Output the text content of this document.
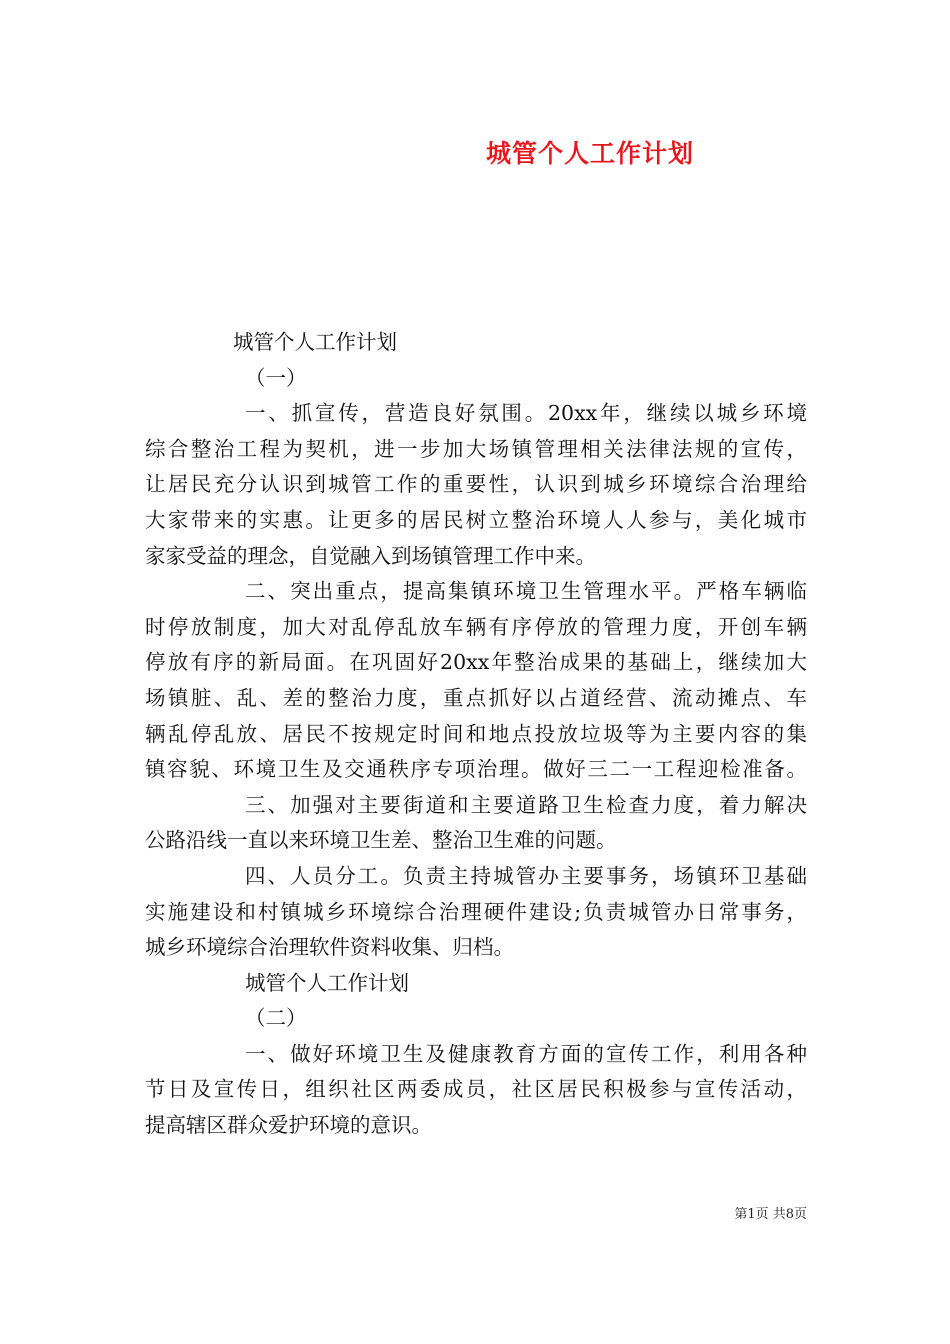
城管个人工作计划
城管个人工作计划
（一）
一、抓宣传，营造良好氛围。20xx年，继续以城乡环境
综合整治工程为契机，进一步加大场镇管理相关法律法规的宣传，
让居民充分认识到城管工作的重要性，认识到城乡环境综合治理给
大家带来的实惠。让更多的居民树立整治环境人人参与，美化城市
家家受益的理念，自觉融入到场镇管理工作中来。
二、突出重点，提高集镇环境卫生管理水平。严格车辆临
时停放制度，加大对乱停乱放车辆有序停放的管理力度，开创车辆
停放有序的新局面。在巩固好20xx年整治成果的基础上，继续加大
场镇脏、乱、差的整治力度，重点抓好以占道经营、流动摊点、车
辆乱停乱放、居民不按规定时间和地点投放垃圾等为主要内容的集
镇容貌、环境卫生及交通秩序专项治理。做好三二一工程迎检准备。
三、加强对主要街道和主要道路卫生检查力度，着力解决
公路沿线一直以来环境卫生差、整治卫生难的问题。
四、人员分工。负责主持城管办主要事务，场镇环卫基础
实施建设和村镇城乡环境综合治理硬件建设;负责城管办日常事务，
城乡环境综合治理软件资料收集、归档。
城管个人工作计划
（二）
一、做好环境卫生及健康教育方面的宣传工作，利用各种
节日及宣传日，组织社区两委成员，社区居民积极参与宣传活动，
提高辖区群众爱护环境的意识。
第1页 共8页
